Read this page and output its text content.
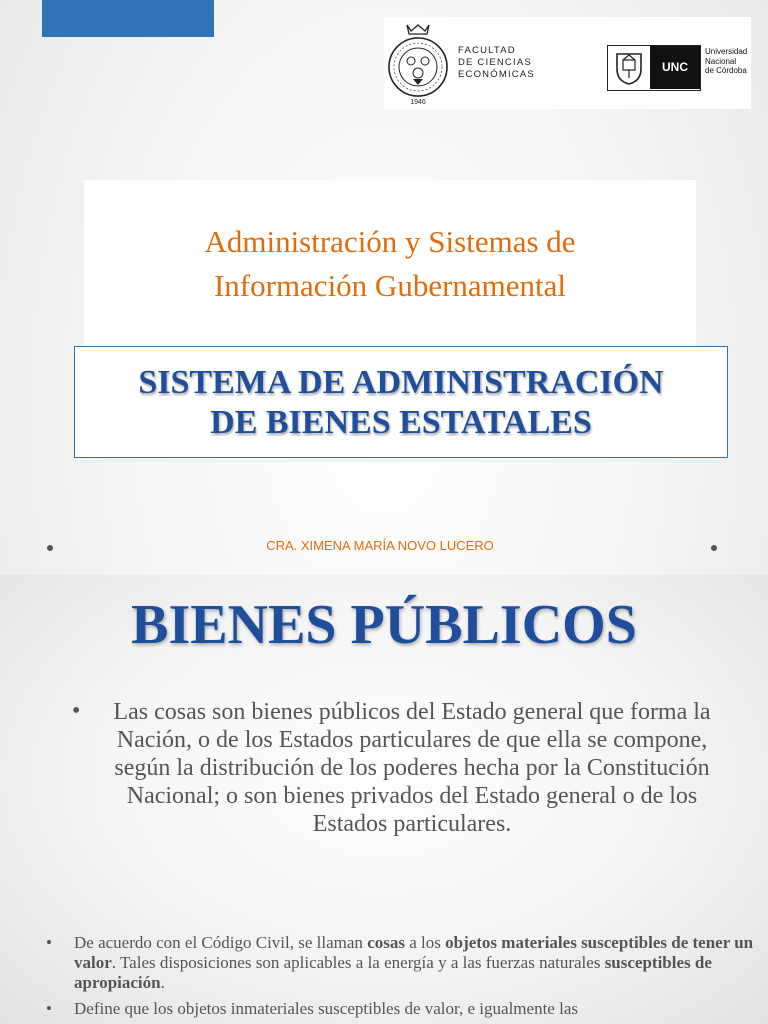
1946
FACULTAD
DE CIENCIAS
ECONÓMICAS
UNC
Universidad
Nacional
de Córdoba
Administración y Sistemas de
Información Gubernamental
SISTEMA DE ADMINISTRACIÓN
DE BIENES ESTATALES
CRA. XIMENA MARÍA NOVO LUCERO
BIENES PÚBLICOS
•	Las cosas son bienes públicos del Estado general que forma la Nación, o de los Estados particulares de que ella se compone, según la distribución de los poderes hecha por la Constitución Nacional; o son bienes privados del Estado general o de los Estados particulares.

• De acuerdo con el Código Civil, se llaman cosas a los objetos materiales susceptibles de tener un valor. Tales disposiciones son aplicables a la energía y a las fuerzas naturales susceptibles de apropiación.

• Define que los objetos inmateriales susceptibles de valor, e igualmente las
